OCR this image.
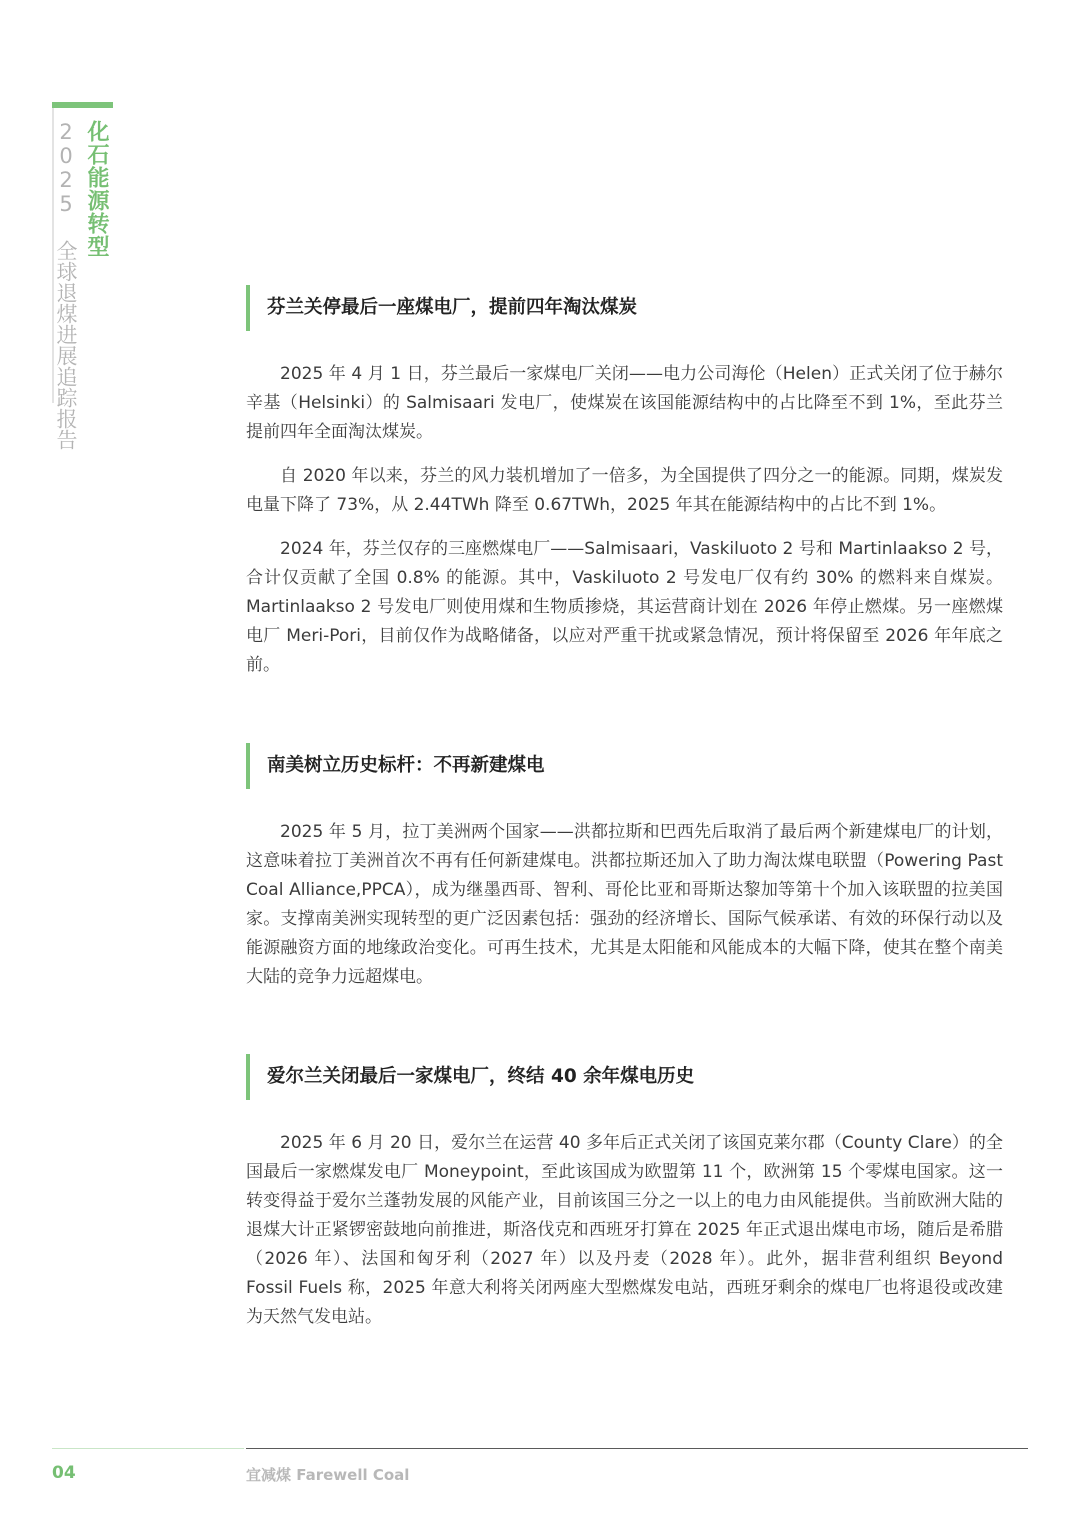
化石能源转型
2025 全球退煤进展追踪报告	芬兰关停最后一座煤电厂，提前四年淘汰煤炭

2025 年 4 月 1 日，芬兰最后一家煤电厂关闭——电力公司海伦（Helen）正式关闭了位于赫尔辛基（Helsinki）的 Salmisaari 发电厂，使煤炭在该国能源结构中的占比降至不到 1%，至此芬兰提前四年全面淘汰煤炭。

自 2020 年以来，芬兰的风力装机增加了一倍多，为全国提供了四分之一的能源。同期，煤炭发电量下降了 73%，从 2.44TWh 降至 0.67TWh，2025 年其在能源结构中的占比不到 1%。

2024 年，芬兰仅存的三座燃煤电厂——Salmisaari，Vaskiluoto 2 号和 Martinlaakso 2 号，合计仅贡献了全国 0.8% 的能源。其中，Vaskiluoto 2 号发电厂仅有约 30% 的燃料来自煤炭。Martinlaakso 2 号发电厂则使用煤和生物质掺烧，其运营商计划在 2026 年停止燃煤。另一座燃煤电厂 Meri-Pori，目前仅作为战略储备，以应对严重干扰或紧急情况，预计将保留至 2026 年年底之前。

南美树立历史标杆：不再新建煤电

2025 年 5 月，拉丁美洲两个国家——洪都拉斯和巴西先后取消了最后两个新建煤电厂的计划，这意味着拉丁美洲首次不再有任何新建煤电。洪都拉斯还加入了助力淘汰煤电联盟（Powering Past Coal Alliance,PPCA），成为继墨西哥、智利、哥伦比亚和哥斯达黎加等第十个加入该联盟的拉美国家。支撑南美洲实现转型的更广泛因素包括：强劲的经济增长、国际气候承诺、有效的环保行动以及能源融资方面的地缘政治变化。可再生技术，尤其是太阳能和风能成本的大幅下降，使其在整个南美大陆的竞争力远超煤电。

爱尔兰关闭最后一家煤电厂，终结 40 余年煤电历史

2025 年 6 月 20 日，爱尔兰在运营 40 多年后正式关闭了该国克莱尔郡（County Clare）的全国最后一家燃煤发电厂 Moneypoint，至此该国成为欧盟第 11 个，欧洲第 15 个零煤电国家。这一转变得益于爱尔兰蓬勃发展的风能产业，目前该国三分之一以上的电力由风能提供。当前欧洲大陆的退煤大计正紧锣密鼓地向前推进，斯洛伐克和西班牙打算在 2025 年正式退出煤电市场，随后是希腊（2026 年）、法国和匈牙利（2027 年）以及丹麦（2028 年）。此外，据非营利组织 Beyond Fossil Fuels 称，2025 年意大利将关闭两座大型燃煤发电站，西班牙剩余的煤电厂也将退役或改建为天然气发电站。

04	宜减煤 Farewell Coal
